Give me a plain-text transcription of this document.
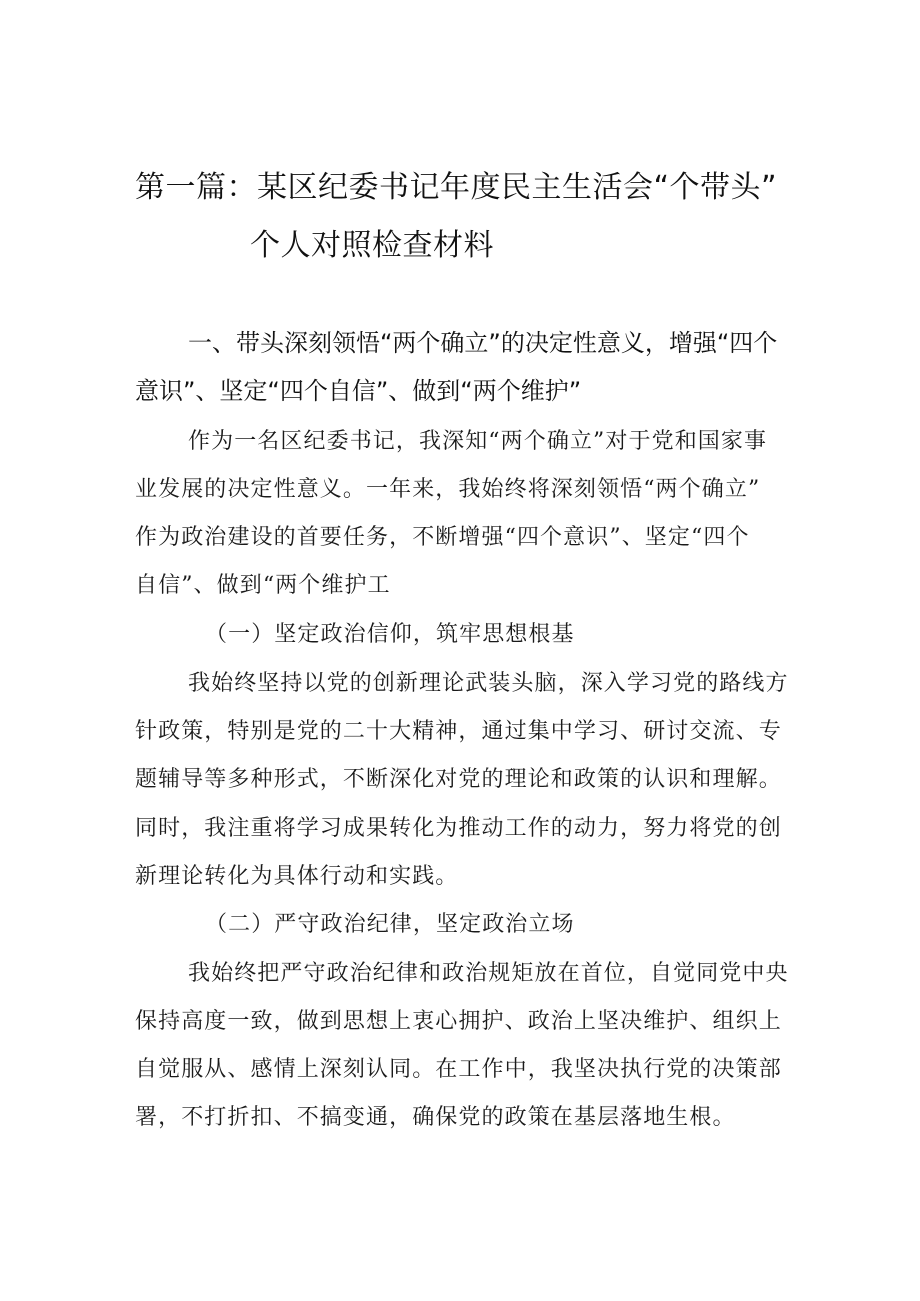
第一篇：某区纪委书记年度民主生活会“个带头”
个人对照检查材料
一、带头深刻领悟“两个确立”的决定性意义，增强“四个
意识”、坚定“四个自信”、做到“两个维护”
作为一名区纪委书记，我深知“两个确立”对于党和国家事
业发展的决定性意义。一年来，我始终将深刻领悟“两个确立”
作为政治建设的首要任务，不断增强“四个意识”、坚定“四个
自信”、做到“两个维护工
（一）坚定政治信仰，筑牢思想根基
我始终坚持以党的创新理论武装头脑，深入学习党的路线方
针政策，特别是党的二十大精神，通过集中学习、研讨交流、专
题辅导等多种形式，不断深化对党的理论和政策的认识和理解。
同时，我注重将学习成果转化为推动工作的动力，努力将党的创
新理论转化为具体行动和实践。
（二）严守政治纪律，坚定政治立场
我始终把严守政治纪律和政治规矩放在首位，自觉同党中央
保持高度一致，做到思想上衷心拥护、政治上坚决维护、组织上
自觉服从、感情上深刻认同。在工作中，我坚决执行党的决策部
署，不打折扣、不搞变通，确保党的政策在基层落地生根。
